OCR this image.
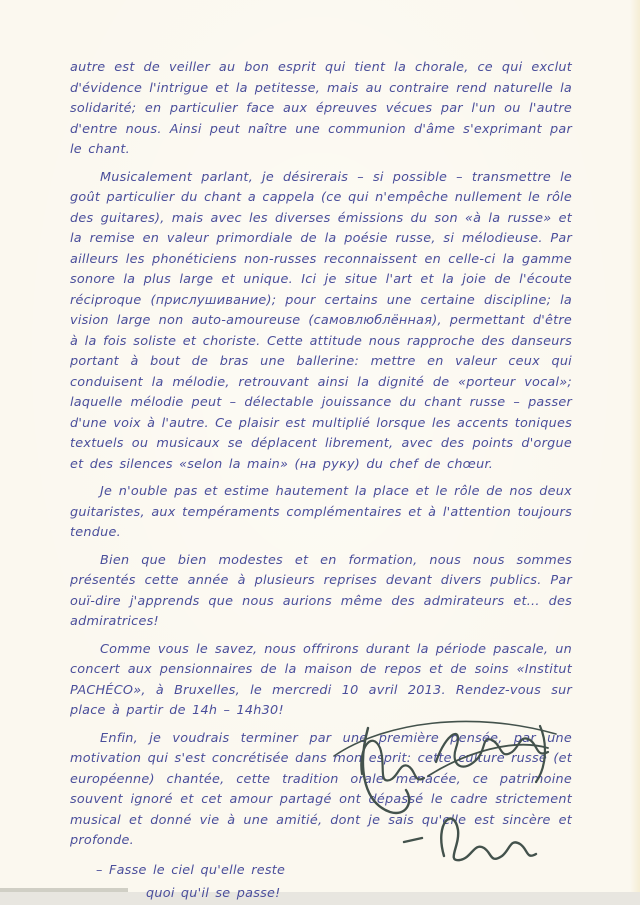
autre est de veiller au bon esprit qui tient la chorale, ce qui exclut d'évidence l'intrigue et la petitesse, mais au contraire rend naturelle la solidarité; en particulier face aux épreuves vécues par l'un ou l'autre d'entre nous. Ainsi peut naître une communion d'âme s'exprimant par le chant.

Musicalement parlant, je désirerais – si possible – transmettre le goût particulier du chant a cappela (ce qui n'empêche nullement le rôle des guitares), mais avec les diverses émissions du son «à la russe» et la remise en valeur primordiale de la poésie russe, si mélodieuse. Par ailleurs les phonéticiens non-russes reconnaissent en celle-ci la gamme sonore la plus large et unique. Ici je situe l'art et la joie de l'écoute réciproque (прислушивание); pour certains une certaine discipline; la vision large non auto-amoureuse (самовлюблённая), permettant d'être à la fois soliste et choriste. Cette attitude nous rapproche des danseurs portant à bout de bras une ballerine: mettre en valeur ceux qui conduisent la mélodie, retrouvant ainsi la dignité de «porteur vocal»; laquelle mélodie peut – délectable jouissance du chant russe – passer d'une voix à l'autre. Ce plaisir est multiplié lorsque les accents toniques textuels ou musicaux se déplacent librement, avec des points d'orgue et des silences «selon la main» (на руку) du chef de chœur.

Je n'ouble pas et estime hautement la place et le rôle de nos deux guitaristes, aux tempéraments complémentaires et à l'attention toujours tendue.

Bien que bien modestes et en formation, nous nous sommes présentés cette année à plusieurs reprises devant divers publics. Par ouï-dire j'apprends que nous aurions même des admirateurs et... des admiratrices!

Comme vous le savez, nous offrirons durant la période pascale, un concert aux pensionnaires de la maison de repos et de soins «Institut PACHÉCO», à Bruxelles, le mercredi 10 avril 2013. Rendez-vous sur place à partir de 14h – 14h30!

Enfin, je voudrais terminer par une première pensée, par une motivation qui s'est concrétisée dans mon esprit: cette culture russe (et européenne) chantée, cette tradition orale menacée, ce patrimoine souvent ignoré et cet amour partagé ont dépassé le cadre strictement musical et donné vie à une amitié, dont je sais qu'elle est sincère et profonde.

– Fasse le ciel qu'elle reste
quoi qu'il se passe!
